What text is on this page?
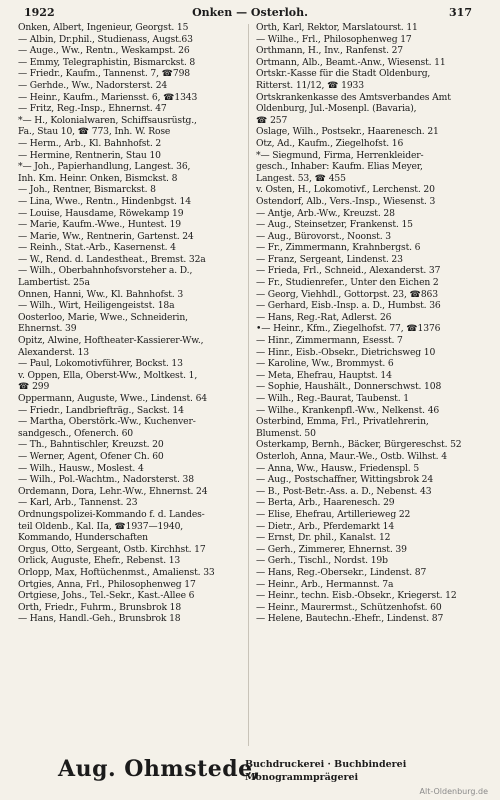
1922	Onken — Osterloh.	317
Onken, Albert, Ingenieur, Georgst. 15
— Albin, Dr.phil., Studienass, Augst.63
— Auge., Ww., Rentn., Weskampst. 26
— Emmy, Telegraphistin, Bismarckst. 8
— Friedr., Kaufm., Tannenst. 7, ☎798
— Gerhde., Ww., Nadorsterst. 24
— Heinr., Kaufm., Mariensst. 6, ☎1343
— Fritz, Reg.-Insp., Ehnernst. 47
*— H., Kolonialwaren, Schiffsausrüstg.,
Fa., Stau 10, ☎ 773, Inh. W. Rose
— Herm., Arb., Kl. Bahnhofst. 2
— Hermine, Rentnerin, Stau 10
*— Joh., Papierhandlung, Langest. 36,
Inh. Km. Heinr. Onken, Bismckst. 8
— Joh., Rentner, Bismarckst. 8
— Lina, Wwe., Rentn., Hindenbgst. 14
— Louise, Hausdame, Röwekamp 19
— Marie, Kaufm.-Wwe., Huntest. 19
— Marie, Ww., Rentnerin, Gartenst. 24
— Reinh., Stat.-Arb., Kasernenst. 4
— W., Rend. d. Landestheat., Bremst. 32a
— Wilh., Oberbahnhofsvorsteher a. D.,
Lambertist. 25a
Onnen, Hanni, Ww., Kl. Bahnhofst. 3
— Wilh., Wirt, Heiligengeistst. 18a
Oosterloo, Marie, Wwe., Schneiderin,
Ehnernst. 39
Opitz, Alwine, Hoftheater-Kassierer-Ww.,
Alexanderst. 13
— Paul, Lokomotivführer, Bockst. 13
v. Oppen, Ella, Oberst-Ww., Moltkest. 1,
☎ 299
Oppermann, Auguste, Wwe., Lindenst. 64
— Friedr., Landbriefträg., Sackst. 14
— Martha, Oberstörk.-Ww., Kuchenver-
sandgesch., Ofenerch. 60
— Th., Bahntischler, Kreuzst. 20
— Werner, Agent, Ofener Ch. 60
— Wilh., Hausw., Moslest. 4
— Wilh., Pol.-Wachtm., Nadorsterst. 38
Ordemann, Dora, Lehr.-Ww., Ehnernst. 24
— Karl, Arb., Tannenst. 23
Ordnungspolizei-Kommando f. d. Landes-
teil Oldenb., Kal. IIa, ☎1937—1940,
Kommando, Hunderschaften
Orgus, Otto, Sergeant, Ostb. Kirchhst. 17
Orlick, Auguste, Ehefr., Rebenst. 13
Orlopp, Max, Hoftüchenmst., Amalienst. 33
Ortgies, Anna, Frl., Philosophenweg 17
Ortgiese, Johs., Tel.-Sekr., Kast.-Allee 6
Orth, Friedr., Fuhrm., Brunsbrok 18
— Hans, Handl.-Geh., Brunsbrok 18
Orth, Karl, Rektor, Marslatourst. 11
— Wilhe., Frl., Philosophenweg 17
Orthmann, H., Inv., Ranfenst. 27
Ortmann, Alb., Beamt.-Anw., Wiesenst. 11
Ortskr.-Kasse für die Stadt Oldenburg,
Ritterst. 11/12, ☎ 1933
Ortskrankenkasse des Amtsverbandes Amt
Oldenburg, Jul.-Mosenpl. (Bavaria),
☎ 257
Oslage, Wilh., Postsekr., Haarenesch. 21
Otz, Ad., Kaufm., Ziegelhofst. 16
*— Siegmund, Firma, Herrenkleider-
gesch., Inhaber: Kaufm. Elias Meyer,
Langest. 53, ☎ 455
v. Osten, H., Lokomotivf., Lerchenst. 20
Ostendorf, Alb., Vers.-Insp., Wiesenst. 3
— Antje, Arb.-Ww., Kreuzst. 28
— Aug., Steinsetzer, Frankenst. 15
— Aug., Bürovorst., Noonst. 3
— Fr., Zimmermann, Krahnbergst. 6
— Franz, Sergeant, Lindenst. 23
— Frieda, Frl., Schneid., Alexanderst. 37
— Fr., Studienrefer., Unter den Eichen 2
— Georg, Viehhdl., Gottorpst. 23, ☎863
— Gerhard, Eisb.-Insp. a. D., Humbst. 36
— Hans, Reg.-Rat, Adlerst. 26
•— Heinr., Kfm., Ziegelhofst. 77, ☎1376
— Hinr., Zimmermann, Esesst. 7
— Hinr., Eisb.-Obsekr., Dietrichsweg 10
— Karoline, Ww., Brommyst. 6
— Meta, Ehefrau, Hauptst. 14
— Sophie, Haushält., Donnerschwst. 108
— Wilh., Reg.-Baurat, Taubenst. 1
— Wilhe., Krankenpfl.-Ww., Nelkenst. 46
Osterbind, Emma, Frl., Privatlehrerin,
Blumenst. 50
Osterkamp, Bernh., Bäcker, Bürgereschst. 52
Osterloh, Anna, Maur.-We., Ostb. Wilhst. 4
— Anna, Ww., Hausw., Friedenspl. 5
— Aug., Postschaffner, Wittingsbrok 24
— B., Post-Betr.-Ass. a. D., Nebenst. 43
— Berta, Arb., Haarenesch. 29
— Elise, Ehefrau, Artillerieweg 22
— Dietr., Arb., Pferdemarkt 14
— Ernst, Dr. phil., Kanalst. 12
— Gerh., Zimmerer, Ehnernst. 39
— Gerh., Tischl., Nordst. 19b
— Hans, Reg.-Obersekr., Lindenst. 87
— Heinr., Arb., Hermannst. 7a
— Heinr., techn. Eisb.-Obsekr., Kriegerst. 12
— Heinr., Maurermst., Schützenhofst. 60
— Helene, Bautechn.-Ehefr., Lindenst. 87
Aug. Ohmstede,
Buchdruckerei · Buchbinderei
Monogrammprägerei
Alt-Oldenburg.de
